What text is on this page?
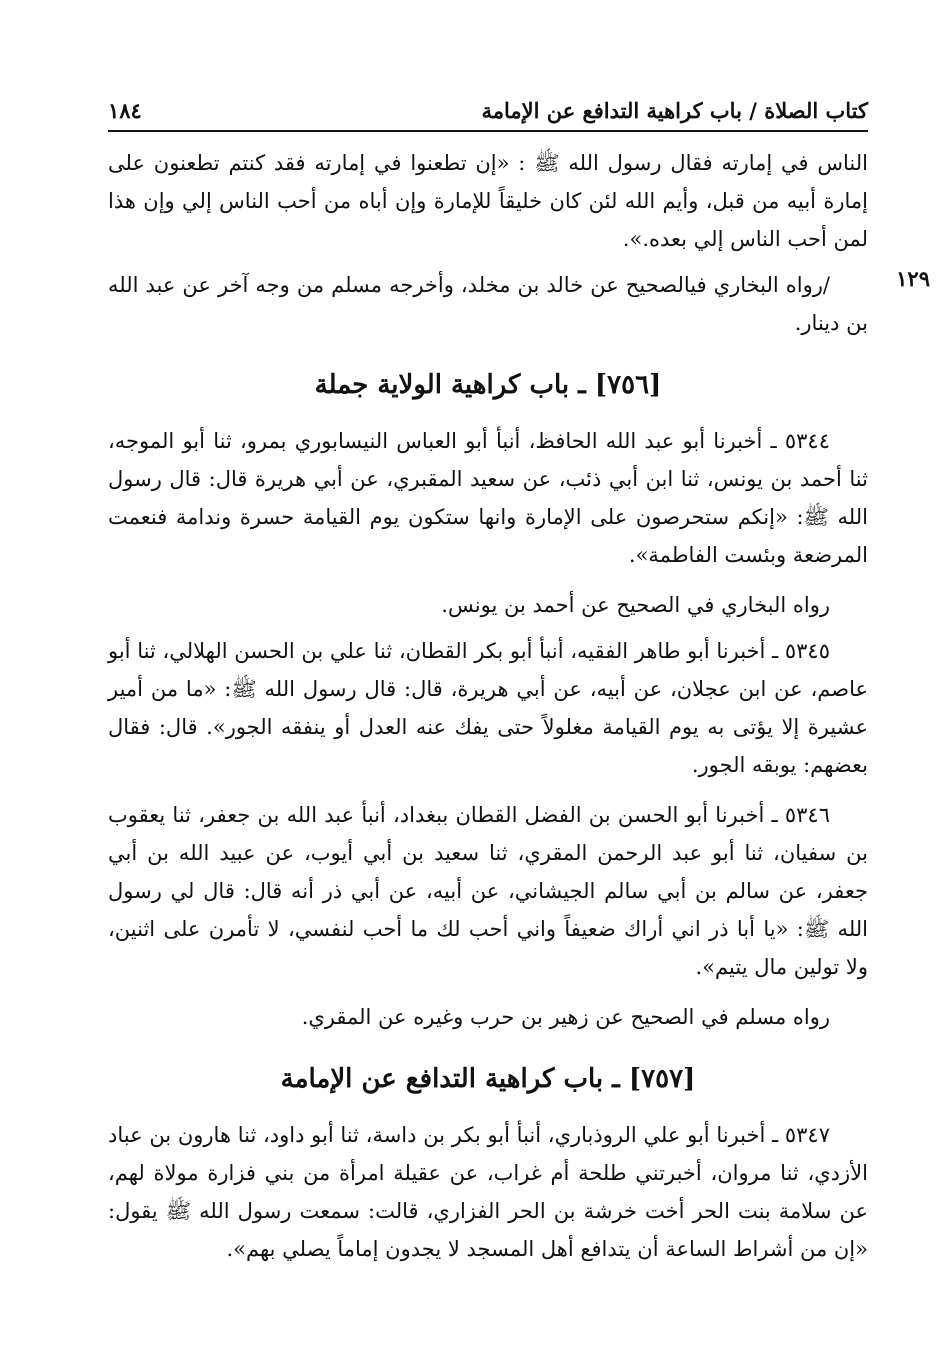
كتاب الصلاة / باب كراهية التدافع عن الإمامة
١٨٤

الناس في إمارته فقال رسول الله ﷺ : «إن تطعنوا في إمارته فقد كنتم تطعنون على إمارة أبيه من قبل، وأيم الله لئن كان خليقاً للإمارة وإن أباه من أحب الناس إلي وإن هذا لمن أحب الناس إلي بعده.».

١٢٩

/رواه البخاري فيالصحيح عن خالد بن مخلد، وأخرجه مسلم من وجه آخر عن عبد الله بن دينار.

[٧٥٦] ـ باب كراهية الولاية جملة

٥٣٤٤ ـ أخبرنا أبو عبد الله الحافظ، أنبأ أبو العباس النيسابوري بمرو، ثنا أبو الموجه، ثنا أحمد بن يونس، ثنا ابن أبي ذئب، عن سعيد المقبري، عن أبي هريرة قال: قال رسول الله ﷺ: «إنكم ستحرصون على الإمارة وانها ستكون يوم القيامة حسرة وندامة فنعمت المرضعة وبئست الفاطمة».

رواه البخاري في الصحيح عن أحمد بن يونس.

٥٣٤٥ ـ أخبرنا أبو طاهر الفقيه، أنبأ أبو بكر القطان، ثنا علي بن الحسن الهلالي، ثنا أبو عاصم، عن ابن عجلان، عن أبيه، عن أبي هريرة، قال: قال رسول الله ﷺ: «ما من أمير عشيرة إلا يؤتى به يوم القيامة مغلولاً حتى يفك عنه العدل أو ينفقه الجور». قال: فقال بعضهم: يوبقه الجور.

٥٣٤٦ ـ أخبرنا أبو الحسن بن الفضل القطان ببغداد، أنبأ عبد الله بن جعفر، ثنا يعقوب بن سفيان، ثنا أبو عبد الرحمن المقري، ثنا سعيد بن أبي أيوب، عن عبيد الله بن أبي جعفر، عن سالم بن أبي سالم الجيشاني، عن أبيه، عن أبي ذر أنه قال: قال لي رسول الله ﷺ: «يا أبا ذر اني أراك ضعيفاً واني أحب لك ما أحب لنفسي، لا تأمرن على اثنين، ولا تولين مال يتيم».

رواه مسلم في الصحيح عن زهير بن حرب وغيره عن المقري.

[٧٥٧] ـ باب كراهية التدافع عن الإمامة

٥٣٤٧ ـ أخبرنا أبو علي الروذباري، أنبأ أبو بكر بن داسة، ثنا أبو داود، ثنا هارون بن عباد الأزدي، ثنا مروان، أخبرتني طلحة أم غراب، عن عقيلة امرأة من بني فزارة مولاة لهم، عن سلامة بنت الحر أخت خرشة بن الحر الفزاري، قالت: سمعت رسول الله ﷺ يقول: «إن من أشراط الساعة أن يتدافع أهل المسجد لا يجدون إماماً يصلي بهم».
